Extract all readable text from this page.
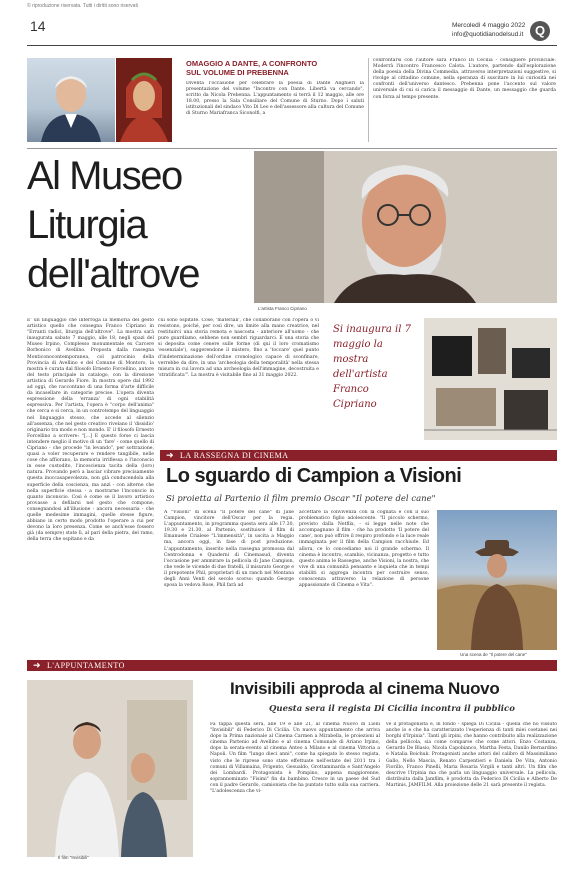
© riproduzione riservata. Tutti i diritti sono riservati
14	Mercoledì 4 maggio 2022
info@quotidianodelsud.it Q
OMAGGIO A DANTE, A CONFRONTO
SUL VOLUME DI PREBENNA
Diventa l'occasione per celebrare la poesia di Dante Alighieri la presentazione del volume "Incontro con Dante. Libertà va cercando", scritto da Nicola Prebenna. L'appuntamento si terrà il 12 maggio, alle ore 18.00, presso la Sala Consiliare del Comune di Sturno. Dopo i saluti istituzionali del sindaco Vito Di Leo e dell'assessore alla cultura del Comune di Sturno Mariafranca Siconolfi, a
confrontarsi con l'autore sarà Franco Di Cecilia - consigliere provinciale. Moderrà l'incontro Francesco Calota. L'autore, partendo dall'esplorazione della poesia della Divina Commedia, attraverso interpretazioni suggestive, si rivolge al cittadino comune, nella speranza di suscitare in lui curiosità nei confronti dell'universo dantesco. Prebenna pone l'accento sul valore universale di cui si carica il messaggio di Dante, un messaggio che guarda con forza al tempo presente.
Al Museo
Liturgia
dell'altrove
L'artista Franco Cipriano
E' un linguaggio che interroga la memoria del gesto artistico quello che consegna Franco Cipriano in "Erranti radici, liturgia dell'altrove". La mostra sarà inaugurata sabato 7 maggio, alle 18, negli spazi del Museo Irpino, Complesso monumentale ex Carcere Borbonico di Avellino. Proposta dalla rassegna Monticonocontemporanea, col patrocinio della Provincia di Avellino e del Comune di Montoro, la mostra è curata dal filosofo Ernesto Forcellino, autore del testo principale in catalogo, con la direzione artistica di Gerardo Fiore. In mostra opere dal 1992 ad oggi, che raccontano di una forma d'arte difficile da incasellare in categorie precise. L'opera diventa espressione della 'erranza' di ogni stabilità espressiva. Per l'artista, l'opera è "corpo dell'anima" che cerca e si cerca, in un controtempo del linguaggio nel linguaggio stesso, che accede al silenzio all'assenza, che nel gesto creativo rivelano il 'dissidio' originario tra modo e non mondo. E' il filosofo Ernesto Forcellino a scrivere: "[...] E questo forse ci lascia intendere meglio il motivo di un 'fare' - come quello di Cipriano - che procede "in levando", per sottrazione, quasi a voler recuperare e rendere tangibile, nelle cose che affiorano, la memoria irriflessa o l'inconscio in esse custodito, l'incoscienza tacita della (loro) natura. Provando però a lasciar vibrare precisamente questa inoccasapevolezza, non già conducendola alla superficie della coscienza, ma anzi - con alterne che nella superficie stessa - a mostrarne l'inconscio in quanto inconscio. Così è come se il lavoro artistico provasse a defilarsi nel gesto che compone, consegnandosi all'illusione - ancora necessaria - che quelle medesime immagini, quelle stesse figure, abbiano in certo modo prodotto l'operare a cui per devono la loro presenza. Come se anch'esse fossero già (da sempre) state lì, al pari della pietra, del ramo, della terra che ospitano e da
cui sono ospitate. Cose, 'materiali', che collaborano con l'opera o vi resistono, poiché, per così dire, un limite alla mano creatrice, nel restituirci una storia remota e nascosta - anteriore all'uomo - che pure guardiamo, sebbene non sembri riguardarci. E una storia che si deposita come cenere sulle forme (di qui il loro cromatismo 'essenziale'), suggerendone il mistero, fino a 'toccare' quel punto d'indeterminazione dell'ordine cronologico capace di sconfinare, verrebbe da dire, in una 'archeologia della temporalità' nella stessa misura in cui lavora ad una archeologia dell'immagine, decostruita e 'stratificata'". La mostra è visitabile fino al 31 maggio 2022.
Si inaugura il 7 maggio la mostra dell'artista Franco Cipriano
➜ LA RASSEGNA DI CINEMA
Lo sguardo di Campion a Visioni
Si proietta al Partenio il film premio Oscar "Il potere del cane"
A "Visioni" di scena "Il potere del cane" di Jane Campion, vincitore dell'Oscar per la regia. L'appuntamento, in programma questa sera alle 17.30, 19.30 e 21.30, al Partenio, sostituisce il film di Emanuele Crialese "L'immensità", in uscita a Maggio ma, ancora oggi, in fase di post produzione. L'appuntamento, inserito nella rassegna promossa dal Centrodonna e Quaderni di Cinemasud, diventa l'occasione per ammirare la pellicola di Jane Campion, che vede le vicende di due fratelli, il misurato George e il prepotente Phil, proprietari di un ranch nel Montana degli Anni Venti del secolo scorso: quando George sposa la vedova Rose, Phil farà ad
accettare la convivenza con la cognata e con il suo problematico figlio adolescente. "Il piccolo schermo, previsto dalla Netflix, - si legge nelle note che accompagnano il film - che ha prodotto 'Il potere del cane', non può offrire il respiro profondo e la luce reale immaginata per il film della Campion racchiude. Ed allora, ce lo concediamo noi il grande schermo. Il cinema è incontro, scambio, vicinanza, progetto e tutto questo anima le Rassegne, anche Visioni, la nostra, che vive di una comunità pensante e inquieta che in tempi stabiliti si aggrega incontra per costruire senso, conoscenza attraverso la relazione di persone appassionate di Cinema e Vita".
Una scena de "Il potere del cane"
➜ L'APPUNTAMENTO
Il film "Invisibili"
Invisibili approda al cinema Nuovo
Questa sera il regista Di Cicilia incontra il pubblico
Fa tappa questa sera, alle 19 e alle 21, al cinema Nuovo di Lioni "Invisibili" di Federico Di Cicilia. Un nuovo appuntamento che arriva dopo la Prima nazionale al Cinema Carmen a Mirabella, le proiezioni al cinema Partenio ad Avellino e al cinema Comunale di Ariano Irpino, dopo la serata-evento al cinema Anteo a Milano e al cinema Vittoria a Napoli. Un film "lungo dieci anni", come ha spiegato lo stesso regista, visto che le riprese sono state effettuate nell'estate del 2011 tra i comuni di Villamaina, Frigento, Gesualdo, Grottaminarda e Sant'Angelo dei Lombardi. Protagonista è Pompino, appena maggiorenne, soprannominato "Fisimi" fin da bambino. Cresce in un paese del Sud con il padre Gerardo, camionista che ha puntato tutto sulla sua carriera. "L'adolescenza che vi-
ve il protagonista è, in fondo - spiega Di Cicilia - quella che ho vissuto anche io e che ha caratterizzato l'esperienza di tanti miei coetanei nei borghi d'Irpinia". Tanti gli irpini, che hanno contribuito alla realizzazione della pellicola, sia come comparse che come attori. Enzo Costanza, Gerardo De Blasio, Nicola Capobianco, Martha Festa, Danilo Bernardino e Natalia Boichuk. Protagonisti anche attori del calibro di Massimiliano Gallo, Nello Mascia, Renato Carpentieri e Daniela De Vita, Antonio Fiorillo, Franco Pinelli, Maria Rosaria Virgili e tanti altri. Un film che descrive l'Irpinia ma che parla un linguaggio universale. La pellicola, distribuita dalla Jamfilm, è prodotta da Federico Di Cicilia e Alberto De Martinis, JAMFILM. Alla proiezione delle 21 sarà presente il regista.
